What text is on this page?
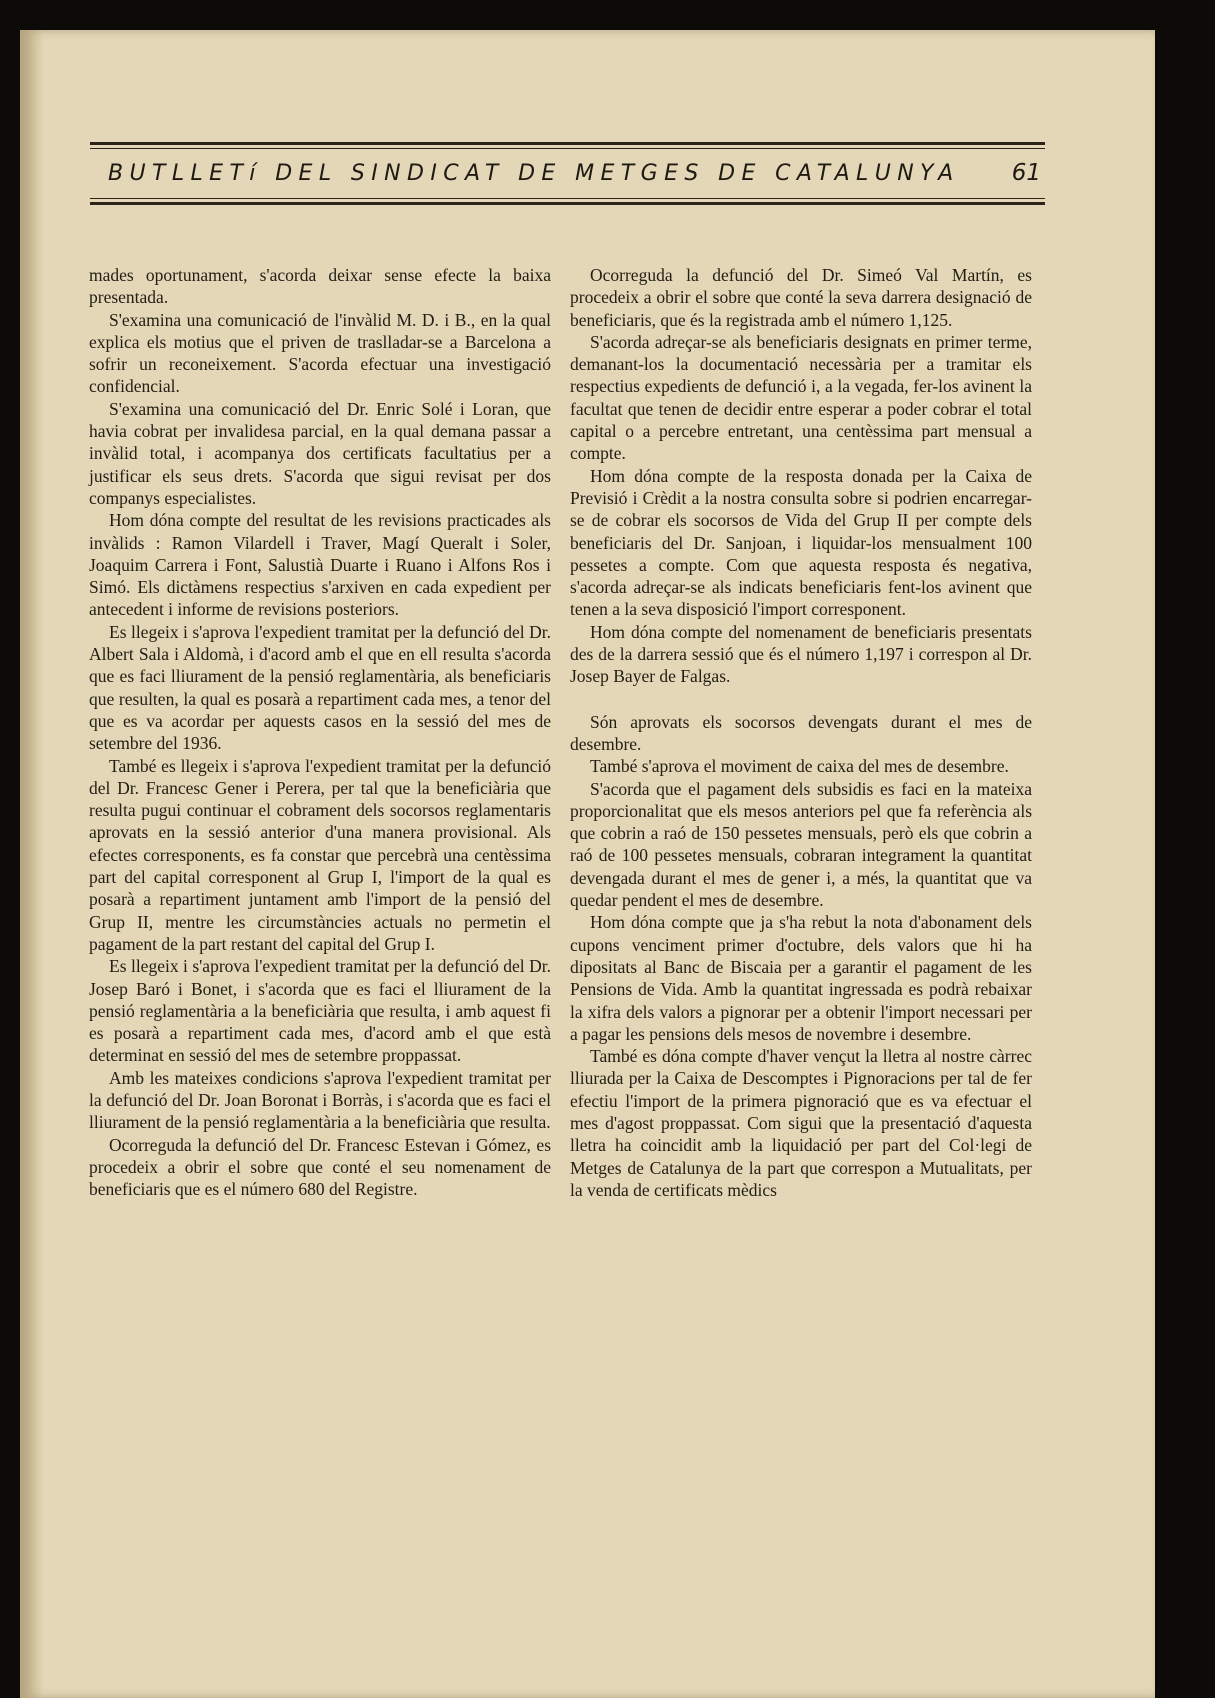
BUTLLETí DEL SINDICAT DE METGES DE CATALUNYA 61

mades oportunament, s'acorda deixar sense efecte la baixa presentada.

S'examina una comunicació de l'invàlid M. D. i B., en la qual explica els motius que el priven de traslladar-se a Barcelona a sofrir un reconeixement. S'acorda efectuar una investigació confidencial.

S'examina una comunicació del Dr. Enric Solé i Loran, que havia cobrat per invalidesa parcial, en la qual demana passar a invàlid total, i acompanya dos certificats facultatius per a justificar els seus drets. S'acorda que sigui revisat per dos companys especialistes.

Hom dóna compte del resultat de les revisions practicades als invàlids : Ramon Vilardell i Traver, Magí Queralt i Soler, Joaquim Carrera i Font, Salustià Duarte i Ruano i Alfons Ros i Simó. Els dictàmens respectius s'arxiven en cada expedient per antecedent i informe de revisions posteriors.

Es llegeix i s'aprova l'expedient tramitat per la defunció del Dr. Albert Sala i Aldomà, i d'acord amb el que en ell resulta s'acorda que es faci lliurament de la pensió reglamentària, als beneficiaris que resulten, la qual es posarà a repartiment cada mes, a tenor del que es va acordar per aquests casos en la sessió del mes de setembre del 1936.

També es llegeix i s'aprova l'expedient tramitat per la defunció del Dr. Francesc Gener i Perera, per tal que la beneficiària que resulta pugui continuar el cobrament dels socorsos reglamentaris aprovats en la sessió anterior d'una manera provisional. Als efectes corresponents, es fa constar que percebrà una centèssima part del capital corresponent al Grup I, l'import de la qual es posarà a repartiment juntament amb l'import de la pensió del Grup II, mentre les circumstàncies actuals no permetin el pagament de la part restant del capital del Grup I.

Es llegeix i s'aprova l'expedient tramitat per la defunció del Dr. Josep Baró i Bonet, i s'acorda que es faci el lliurament de la pensió reglamentària a la beneficiària que resulta, i amb aquest fi es posarà a repartiment cada mes, d'acord amb el que està determinat en sessió del mes de setembre proppassat.

Amb les mateixes condicions s'aprova l'expedient tramitat per la defunció del Dr. Joan Boronat i Borràs, i s'acorda que es faci el lliurament de la pensió reglamentària a la beneficiària que resulta.

Ocorreguda la defunció del Dr. Francesc Estevan i Gómez, es procedeix a obrir el sobre que conté el seu nomenament de beneficiaris que es el número 680 del Registre.

Ocorreguda la defunció del Dr. Simeó Val Martín, es procedeix a obrir el sobre que conté la seva darrera designació de beneficiaris, que és la registrada amb el número 1,125.

S'acorda adreçar-se als beneficiaris designats en primer terme, demanant-los la documentació necessària per a tramitar els respectius expedients de defunció i, a la vegada, fer-los avinent la facultat que tenen de decidir entre esperar a poder cobrar el total capital o a percebre entretant, una centèssima part mensual a compte.

Hom dóna compte de la resposta donada per la Caixa de Previsió i Crèdit a la nostra consulta sobre si podrien encarregar-se de cobrar els socorsos de Vida del Grup II per compte dels beneficiaris del Dr. Sanjoan, i liquidar-los mensualment 100 pessetes a compte. Com que aquesta resposta és negativa, s'acorda adreçar-se als indicats beneficiaris fent-los avinent que tenen a la seva disposició l'import corresponent.

Hom dóna compte del nomenament de beneficiaris presentats des de la darrera sessió que és el número 1,197 i correspon al Dr. Josep Bayer de Falgas.

Són aprovats els socorsos devengats durant el mes de desembre.

També s'aprova el moviment de caixa del mes de desembre.

S'acorda que el pagament dels subsidis es faci en la mateixa proporcionalitat que els mesos anteriors pel que fa referència als que cobrin a raó de 150 pessetes mensuals, però els que cobrin a raó de 100 pessetes mensuals, cobraran integrament la quantitat devengada durant el mes de gener i, a més, la quantitat que va quedar pendent el mes de desembre.

Hom dóna compte que ja s'ha rebut la nota d'abonament dels cupons venciment primer d'octubre, dels valors que hi ha dipositats al Banc de Biscaia per a garantir el pagament de les Pensions de Vida. Amb la quantitat ingressada es podrà rebaixar la xifra dels valors a pignorar per a obtenir l'import necessari per a pagar les pensions dels mesos de novembre i desembre.

També es dóna compte d'haver vençut la lletra al nostre càrrec lliurada per la Caixa de Descomptes i Pignoracions per tal de fer efectiu l'import de la primera pignoració que es va efectuar el mes d'agost proppassat. Com sigui que la presentació d'aquesta lletra ha coincidit amb la liquidació per part del Col·legi de Metges de Catalunya de la part que correspon a Mutualitats, per la venda de certificats mèdics
